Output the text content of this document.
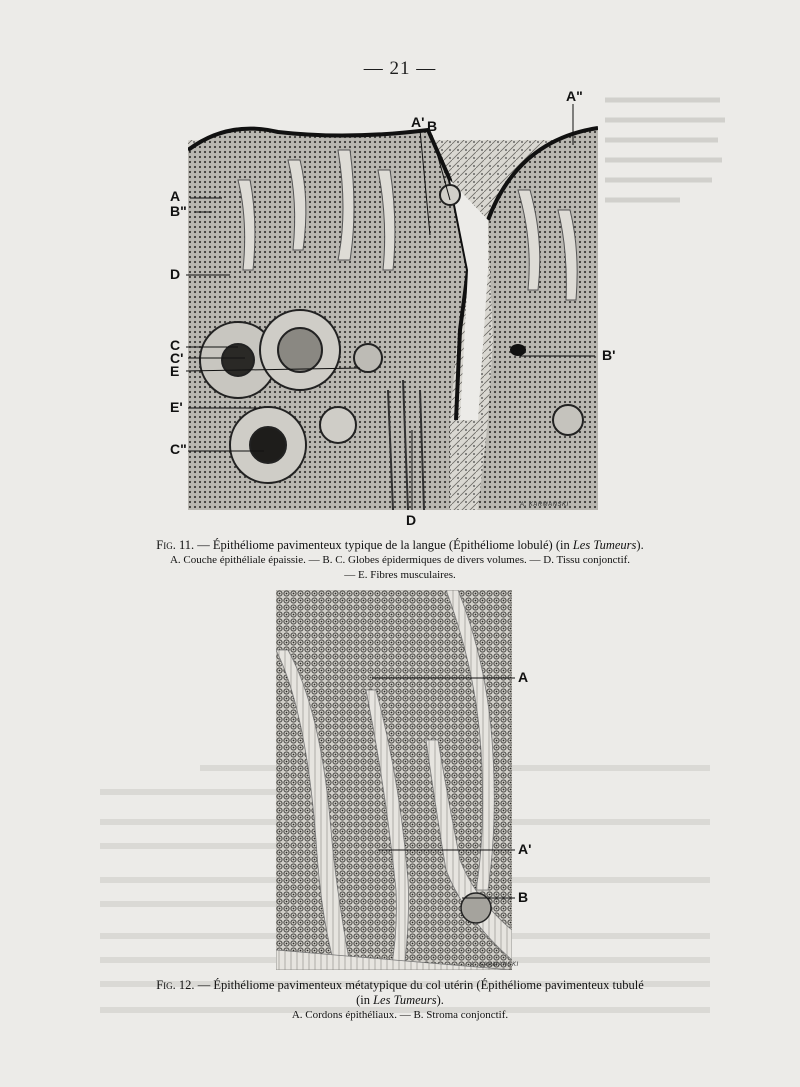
— 21 —
A"
A' B
A
B"
D
C
C'
E
E'
C"
B'
D
A. KARMANSKI
Fig. 11. — Épithéliome pavimenteux typique de la langue (Épithéliome lobulé) (in Les Tumeurs).
A. Couche épithéliale épaissie. — B. C. Globes épidermiques de divers volumes. — D. Tissu conjonctif.
— E. Fibres musculaires.
A
A'
B
A. KARMANSKI
Fig. 12. — Épithéliome pavimenteux métatypique du col utérin (Épithéliome pavimenteux tubulé
(in Les Tumeurs).
A. Cordons épithéliaux. — B. Stroma conjonctif.
